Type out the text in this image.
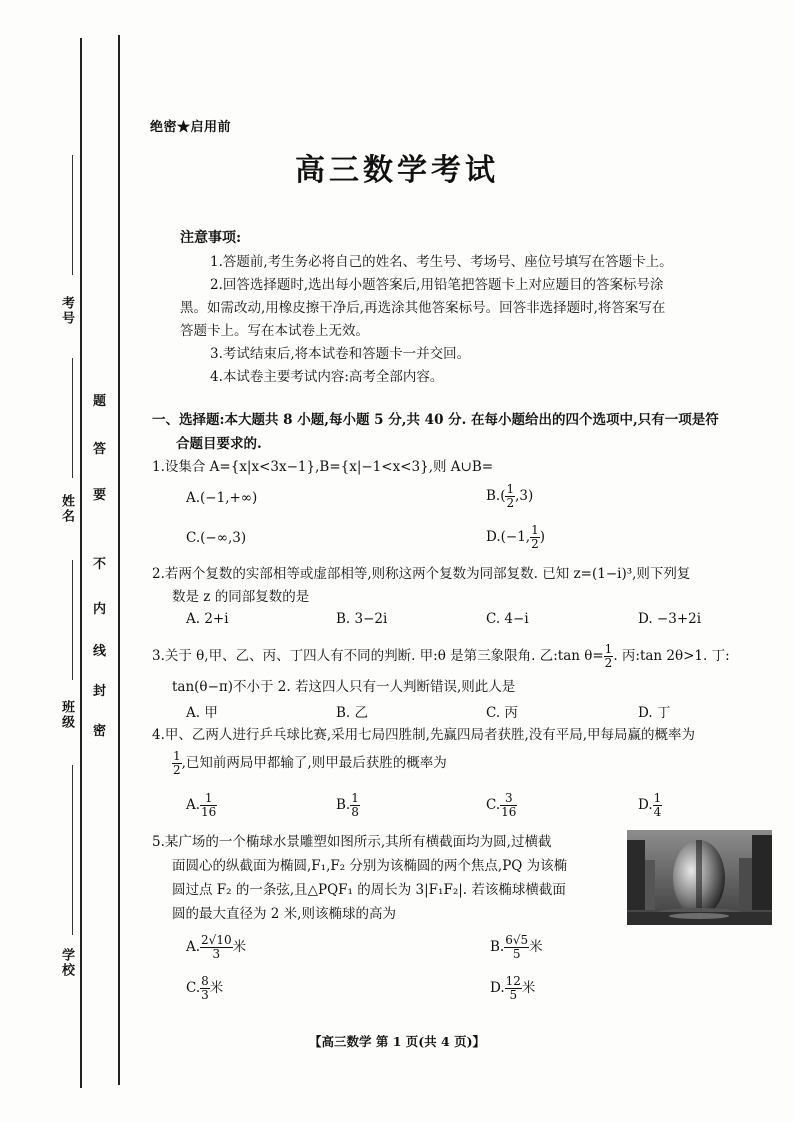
考号
姓名
班级
学校
密
封
线
内
不
要
答
题
绝密★启用前
高三数学考试
注意事项:
1.答题前,考生务必将自己的姓名、考生号、考场号、座位号填写在答题卡上。
2.回答选择题时,选出每小题答案后,用铅笔把答题卡上对应题目的答案标号涂
黑。如需改动,用橡皮擦干净后,再选涂其他答案标号。回答非选择题时,将答案写在
答题卡上。写在本试卷上无效。
3.考试结束后,将本试卷和答题卡一并交回。
4.本试卷主要考试内容:高考全部内容。
一、选择题:本大题共 8 小题,每小题 5 分,共 40 分. 在每小题给出的四个选项中,只有一项是符
合题目要求的.
1.设集合 A={x|x<3x−1},B={x|−1<x<3},则 A∪B=
A.(−1,+∞)	$B.( \frac{1}{2} ,3)$
C.(−∞,3)	D.(−1, $\frac{1}{2}$ )
2.若两个复数的实部相等或虚部相等,则称这两个复数为同部复数. 已知 z=(1−i)³,则下列复
数是 z 的同部复数的是
A. 2+i	B. 3−2i	C. 4−i	D. −3+2i
3.关于 θ,甲、乙、丙、丁四人有不同的判断. 甲:θ 是第三象限角. 乙:tan $\theta= \frac{1}{2}$ . 丙:tan 2θ>1. 丁:
tan(θ−π)不小于 2. 若这四人只有一人判断错误,则此人是
A. 甲	B. 乙	C. 丙	D. 丁
4.甲、乙两人进行乒乓球比赛,采用七局四胜制,先赢四局者获胜,没有平局,甲每局赢的概率为
$\frac{1}{2}$ ,已知前两局甲都输了,则甲最后获胜的概率为
A. $\frac{1}{16}$	B. $\frac{1}{8}$	C. $\frac{3}{16}$	D. $\frac{1}{4}$
5.某广场的一个椭球水景雕塑如图所示,其所有横截面均为圆,过横截
面圆心的纵截面为椭圆,F₁,F₂ 分别为该椭圆的两个焦点,PQ 为该椭
圆过点 F₂ 的一条弦,且△PQF₁ 的周长为 3|F₁F₂|. 若该椭球横截面
圆的最大直径为 2 米,则该椭球的高为
A. $\frac{2√10}{3}$ 米	B. $\frac{6√5}{5}$ 米
C. $\frac{8}{3}$ 米	D. $\frac{12}{5}$ 米
【高三数学 第 1 页(共 4 页)】
